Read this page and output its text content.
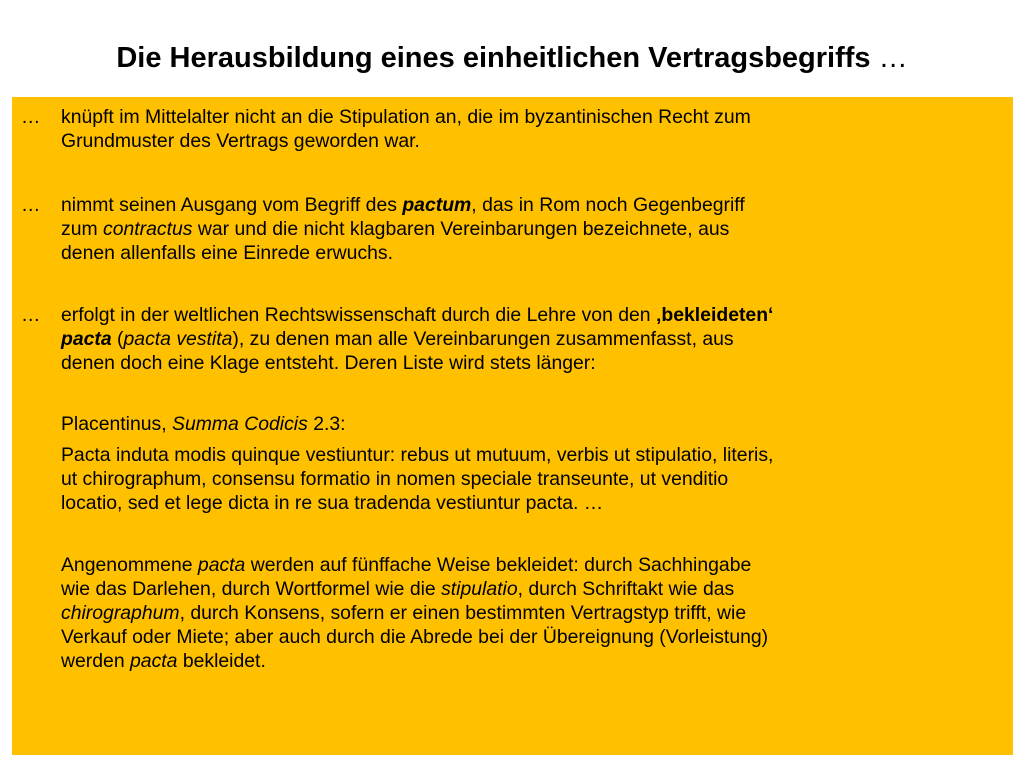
Die Herausbildung eines einheitlichen Vertragsbegriffs …
… knüpft im Mittelalter nicht an die Stipulation an, die im byzantinischen Recht zum
Grundmuster des Vertrags geworden war.
… nimmt seinen Ausgang vom Begriff des pactum, das in Rom noch Gegenbegriff
zum contractus war und die nicht klagbaren Vereinbarungen bezeichnete, aus
denen allenfalls eine Einrede erwuchs.
… erfolgt in der weltlichen Rechtswissenschaft durch die Lehre von den ‚bekleideten‘
pacta (pacta vestita), zu denen man alle Vereinbarungen zusammenfasst, aus
denen doch eine Klage entsteht. Deren Liste wird stets länger:
Placentinus, Summa Codicis 2.3:
Pacta induta modis quinque vestiuntur: rebus ut mutuum, verbis ut stipulatio, literis,
ut chirographum, consensu formatio in nomen speciale transeunte, ut venditio
locatio, sed et lege dicta in re sua tradenda vestiuntur pacta. …
Angenommene pacta werden auf fünffache Weise bekleidet: durch Sachhingabe
wie das Darlehen, durch Wortformel wie die stipulatio, durch Schriftakt wie das
chirographum, durch Konsens, sofern er einen bestimmten Vertragstyp trifft, wie
Verkauf oder Miete; aber auch durch die Abrede bei der Übereignung (Vorleistung)
werden pacta bekleidet.
